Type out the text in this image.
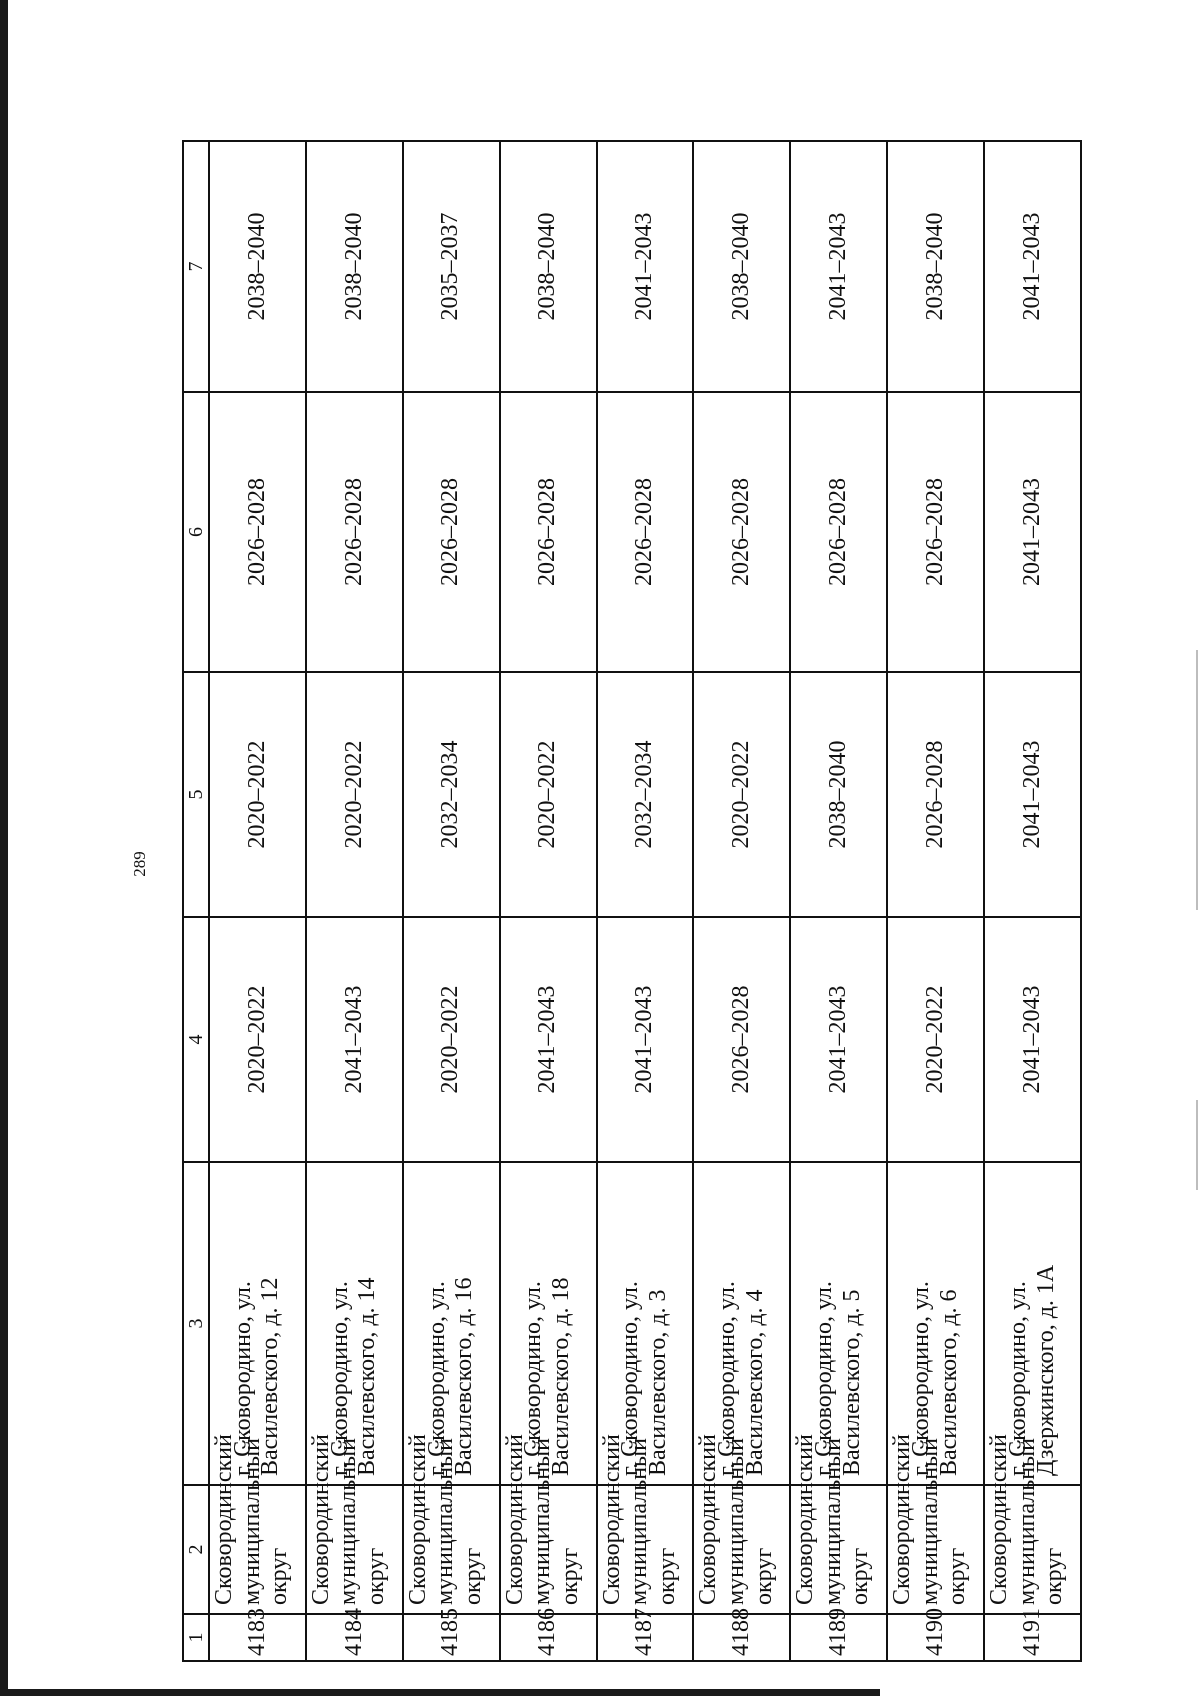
289
1	2	3	4	5	6	7
4183	Сковородинский муниципальный округ	г. Сковородино, ул. Василевского, д. 12	2020–2022	2020–2022	2026–2028	2038–2040
4184	Сковородинский муниципальный округ	г. Сковородино, ул. Василевского, д. 14	2041–2043	2020–2022	2026–2028	2038–2040
4185	Сковородинский муниципальный округ	г. Сковородино, ул. Василевского, д. 16	2020–2022	2032–2034	2026–2028	2035–2037
4186	Сковородинский муниципальный округ	г. Сковородино, ул. Василевского, д. 18	2041–2043	2020–2022	2026–2028	2038–2040
4187	Сковородинский муниципальный округ	г. Сковородино, ул. Василевского, д. 3	2041–2043	2032–2034	2026–2028	2041–2043
4188	Сковородинский муниципальный округ	г. Сковородино, ул. Василевского, д. 4	2026–2028	2020–2022	2026–2028	2038–2040
4189	Сковородинский муниципальный округ	г. Сковородино, ул. Василевского, д. 5	2041–2043	2038–2040	2026–2028	2041–2043
4190	Сковородинский муниципальный округ	г. Сковородино, ул. Василевского, д. 6	2020–2022	2026–2028	2026–2028	2038–2040
4191	Сковородинский муниципальный округ	г. Сковородино, ул. Дзержинского, д. 1А	2041–2043	2041–2043	2041–2043	2041–2043
